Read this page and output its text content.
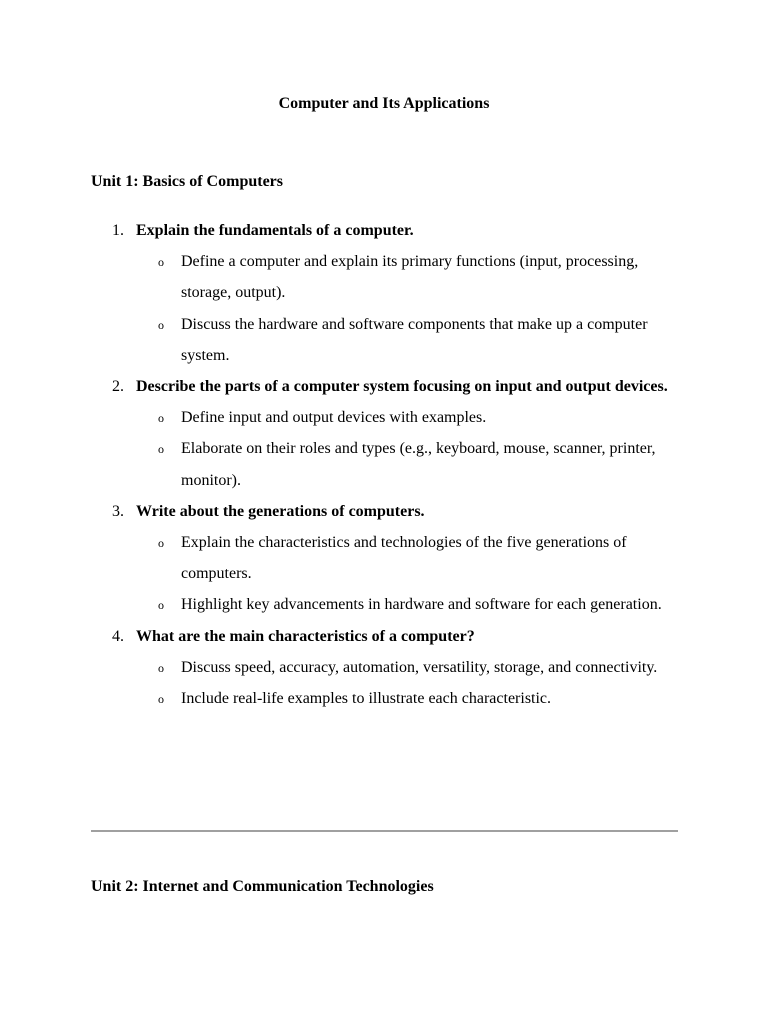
Computer and Its Applications
Unit 1: Basics of Computers
1. Explain the fundamentals of a computer.
o Define a computer and explain its primary functions (input, processing, storage, output).
o Discuss the hardware and software components that make up a computer system.
2. Describe the parts of a computer system focusing on input and output devices.
o Define input and output devices with examples.
o Elaborate on their roles and types (e.g., keyboard, mouse, scanner, printer, monitor).
3. Write about the generations of computers.
o Explain the characteristics and technologies of the five generations of computers.
o Highlight key advancements in hardware and software for each generation.
4. What are the main characteristics of a computer?
o Discuss speed, accuracy, automation, versatility, storage, and connectivity.
o Include real-life examples to illustrate each characteristic.
Unit 2: Internet and Communication Technologies
